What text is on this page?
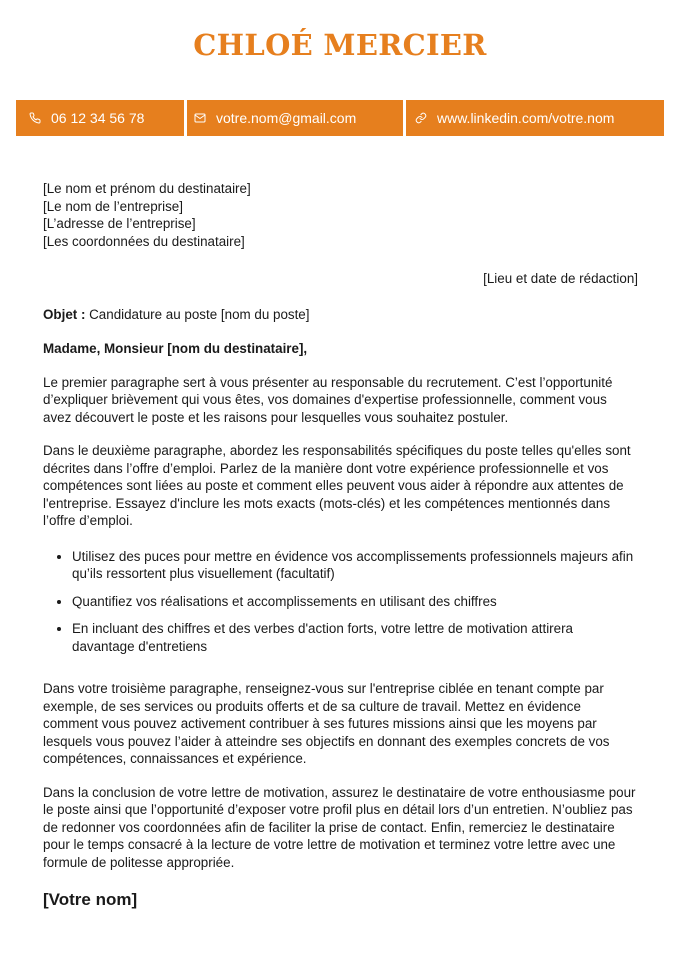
CHLOÉ MERCIER
06 12 34 56 78	votre.nom@gmail.com	www.linkedin.com/votre.nom
[Le nom et prénom du destinataire]
[Le nom de l’entreprise]
[L’adresse de l’entreprise]
[Les coordonnées du destinataire]
[Lieu et date de rédaction]
Objet : Candidature au poste [nom du poste]
Madame, Monsieur [nom du destinataire],

Le premier paragraphe sert à vous présenter au responsable du recrutement. C’est l’opportunité d’expliquer brièvement qui vous êtes, vos domaines d'expertise professionnelle, comment vous avez découvert le poste et les raisons pour lesquelles vous souhaitez postuler.

Dans le deuxième paragraphe, abordez les responsabilités spécifiques du poste telles qu'elles sont décrites dans l’offre d’emploi. Parlez de la manière dont votre expérience professionnelle et vos compétences sont liées au poste et comment elles peuvent vous aider à répondre aux attentes de l'entreprise. Essayez d'inclure les mots exacts (mots-clés) et les compétences mentionnés dans l’offre d’emploi.

• Utilisez des puces pour mettre en évidence vos accomplissements professionnels majeurs afin qu’ils ressortent plus visuellement (facultatif)
• Quantifiez vos réalisations et accomplissements en utilisant des chiffres
• En incluant des chiffres et des verbes d'action forts, votre lettre de motivation attirera davantage d'entretiens

Dans votre troisième paragraphe, renseignez-vous sur l'entreprise ciblée en tenant compte par exemple, de ses services ou produits offerts et de sa culture de travail. Mettez en évidence comment vous pouvez activement contribuer à ses futures missions ainsi que les moyens par lesquels vous pouvez l’aider à atteindre ses objectifs en donnant des exemples concrets de vos compétences, connaissances et expérience.

Dans la conclusion de votre lettre de motivation, assurez le destinataire de votre enthousiasme pour le poste ainsi que l’opportunité d’exposer votre profil plus en détail lors d’un entretien. N’oubliez pas de redonner vos coordonnées afin de faciliter la prise de contact. Enfin, remerciez le destinataire pour le temps consacré à la lecture de votre lettre de motivation et terminez votre lettre avec une formule de politesse appropriée.

[Votre nom]
